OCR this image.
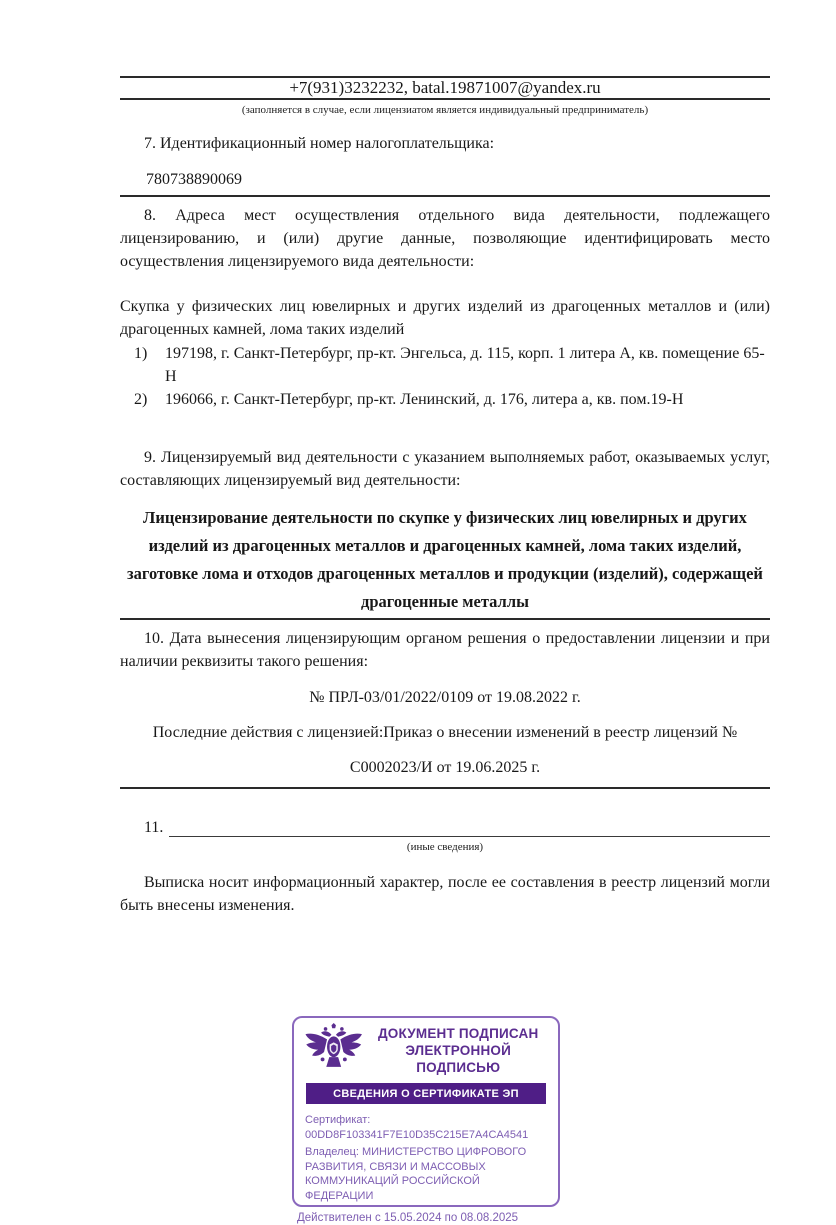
+7(931)3232232, batal.19871007@yandex.ru
(заполняется в случае, если лицензиатом является индивидуальный предприниматель)

7. Идентификационный номер налогоплательщика:

780738890069

8. Адреса мест осуществления отдельного вида деятельности, подлежащего лицензированию, и (или) другие данные, позволяющие идентифицировать место осуществления лицензируемого вида деятельности:

Скупка у физических лиц ювелирных и других изделий из драгоценных металлов и (или) драгоценных камней, лома таких изделий

1)	197198, г. Санкт-Петербург, пр-кт. Энгельса, д. 115, корп. 1 литера А, кв. помещение 65-Н
2)	196066, г. Санкт-Петербург, пр-кт. Ленинский, д. 176, литера а, кв. пом.19-Н

9. Лицензируемый вид деятельности с указанием выполняемых работ, оказываемых услуг, составляющих лицензируемый вид деятельности:

Лицензирование деятельности по скупке у физических лиц ювелирных и других изделий из драгоценных металлов и драгоценных камней, лома таких изделий, заготовке лома и отходов драгоценных металлов и продукции (изделий), содержащей драгоценные металлы

10. Дата вынесения лицензирующим органом решения о предоставлении лицензии и при наличии реквизиты такого решения:

№ ПРЛ-03/01/2022/0109 от 19.08.2022 г.
Последние действия с лицензией:Приказ о внесении изменений в реестр лицензий №
С0002023/И от 19.06.2025 г.
11.
(иные сведения)

Выписка носит информационный характер, после ее составления в реестр лицензий могли быть внесены изменения.

ДОКУМЕНТ ПОДПИСАН
ЭЛЕКТРОННОЙ ПОДПИСЬЮ
СВЕДЕНИЯ О СЕРТИФИКАТЕ ЭП
Сертификат:
00DD8F103341F7E10D35C215E7A4CA4541
Владелец: МИНИСТЕРСТВО ЦИФРОВОГО РАЗВИТИЯ, СВЯЗИ И МАССОВЫХ КОММУНИКАЦИЙ РОССИЙСКОЙ ФЕДЕРАЦИИ
Действителен с 15.05.2024 по 08.08.2025
